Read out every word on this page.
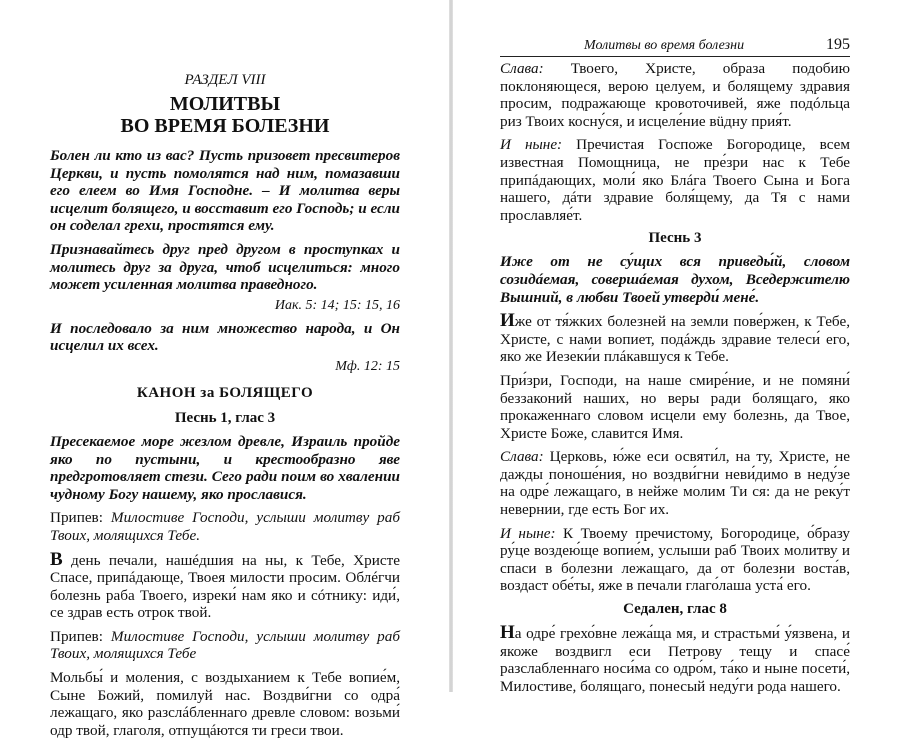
РАЗДЕЛ VIII
МОЛИТВЫ
ВО ВРЕМЯ БОЛЕЗНИ

Болен ли кто из вас? Пусть призовет пресвитеров Церкви, и пусть помолятся над ним, помазавши его елеем во Имя Господне. – И молитва веры исцелит болящего, и восставит его Господь; и если он соделал грехи, простятся ему.

Признавайтесь друг пред другом в проступках и молитесь друг за друга, чтоб исцелиться: много может усиленная молитва праведного.

Иак. 5: 14; 15: 15, 16

И последовало за ним множество народа, и Он исцелил их всех.

Мф. 12: 15
КАНОН за БОЛЯЩЕГО
Песнь 1, глас 3

Пресекаемое море жезлом древле, Израиль пройде яко по пустыни, и крестообразно яве предгротовляет стези. Сего ради поим во хвалении чудному Богу нашему, яко прославися.

Припев: Милостиве Господи, услыши молитву раб Твоих, молящихся Тебе.

В день печали, нашéдшия на ны, к Тебе, Христе Спасе, припáдающе, Твоея милости просим. Облéгчи болезнь раба Твоего, изреки́ нам яко и сóтнику: иди́, се здрав есть отрок твой.

Припев: Милостиве Господи, услыши молитву раб Твоих, молящихся Тебе

Мольбы́ и моления, с воздыханием к Тебе вопие́м, Сыне Божий, помилуй нас. Воздви́гни со одра́ лежащаго, яко разслáбленнаго древле словом: возьми́ одр твой, глаголя, отпущáются ти греси твои.

Молитвы во время болезни	195

Слава: Твоего, Христе, образа подобию поклоняющеся, верою целуем, и болящему здравия просим, подражающе кровоточивей, яже подóльца риз Твоих косну́ся, и исцеле́ние вüдну прия́т.

И ныне: Пречистая Госпоже Богородице, всем известная Помощница, не пре́зри нас к Тебе припáдающих, моли́ яко Блáга Твоего Сына и Бога нашего, дáти здравие боля́щему, да Тя с нами прославляе́т.

Песнь 3

Иже от не су́щих вся приведы́й, словом созидáемая, совершáемая духом, Вседержителю Вышний, в любви Твоей утверди́ мене́.

Иже от тя́жких болезней на земли пове́ржен, к Тебе, Христе, с нами вопиет, подáждь здравие телеси́ его, яко же Иезеки́и плáкавшуся к Тебе.

При́зри, Господи, на наше смире́ние, и не помяни́ беззаконий наших, но веры ради болящаго, яко прокаженнаго словом исцели ему болезнь, да Твое, Христе Боже, славится Имя.

Слава: Церковь, ю́же еси освяти́л, на ту, Христе, не дажды поноше́ния, но воздви́гни неви́димо в неду́зе на одре́ лежащаго, в нейже молим Ти ся: да не реку́т невернии, где есть Бог их.

И ныне: К Твоему пречистому, Богородице, о́бразу ру́це воздею́ще вопие́м, услыши раб Твоих молитву и спаси в болезни лежащаго, да от болезни воста́в, воздаст обе́ты, яже в печали глаго́лаша уста́ его.

Седален, глас 8

На одре́ грехо́вне лежа́ща мя, и страстьми́ у́язвена, и якоже воздвигл еси Петрову тещу и спасе́ разслабленнаго носи́ма со одро́м, та́ко и ныне посети́, Милостиве, болящаго, понесый неду́ги рода нашего.
